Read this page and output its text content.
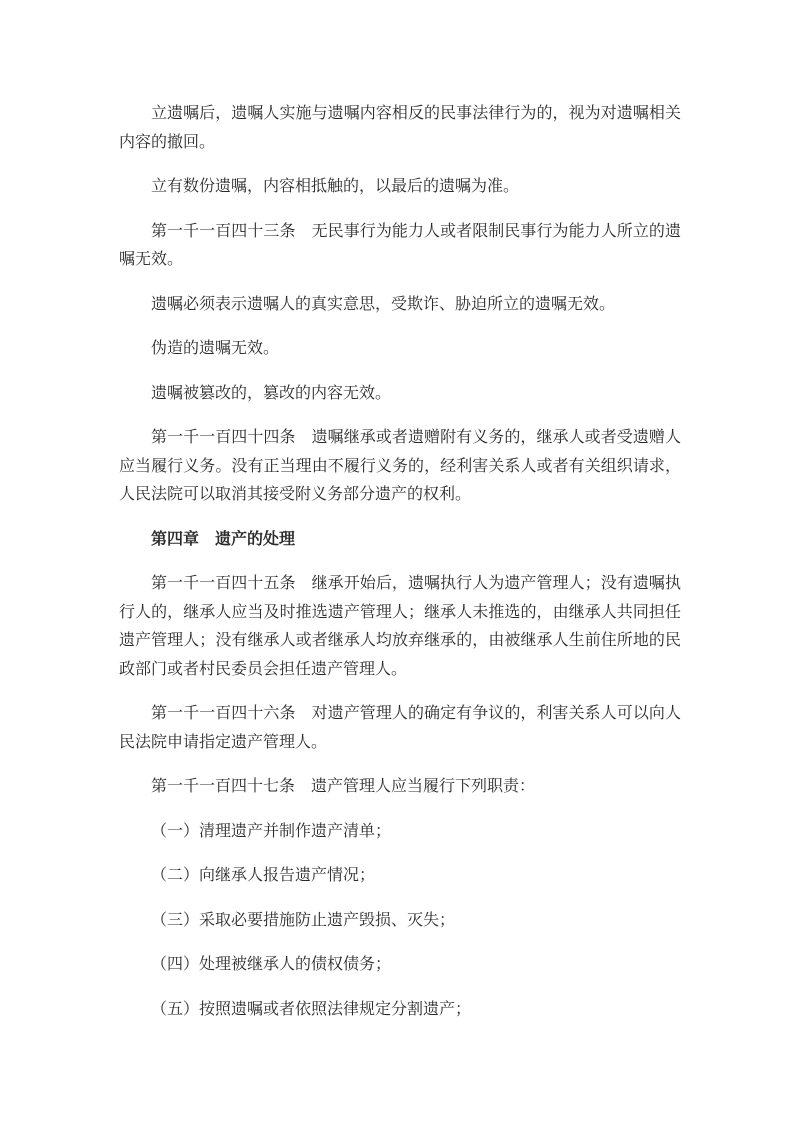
立遗嘱后，遗嘱人实施与遗嘱内容相反的民事法律行为的，视为对遗嘱相关内容的撤回。

立有数份遗嘱，内容相抵触的，以最后的遗嘱为准。

第一千一百四十三条　无民事行为能力人或者限制民事行为能力人所立的遗嘱无效。

遗嘱必须表示遗嘱人的真实意思，受欺诈、胁迫所立的遗嘱无效。

伪造的遗嘱无效。

遗嘱被篡改的，篡改的内容无效。

第一千一百四十四条　遗嘱继承或者遗赠附有义务的，继承人或者受遗赠人应当履行义务。没有正当理由不履行义务的，经利害关系人或者有关组织请求，人民法院可以取消其接受附义务部分遗产的权利。

第四章　遗产的处理

第一千一百四十五条　继承开始后，遗嘱执行人为遗产管理人；没有遗嘱执行人的，继承人应当及时推选遗产管理人；继承人未推选的，由继承人共同担任遗产管理人；没有继承人或者继承人均放弃继承的，由被继承人生前住所地的民政部门或者村民委员会担任遗产管理人。

第一千一百四十六条　对遗产管理人的确定有争议的，利害关系人可以向人民法院申请指定遗产管理人。

第一千一百四十七条　遗产管理人应当履行下列职责：

（一）清理遗产并制作遗产清单；

（二）向继承人报告遗产情况；

（三）采取必要措施防止遗产毁损、灭失；

（四）处理被继承人的债权债务；

（五）按照遗嘱或者依照法律规定分割遗产；
